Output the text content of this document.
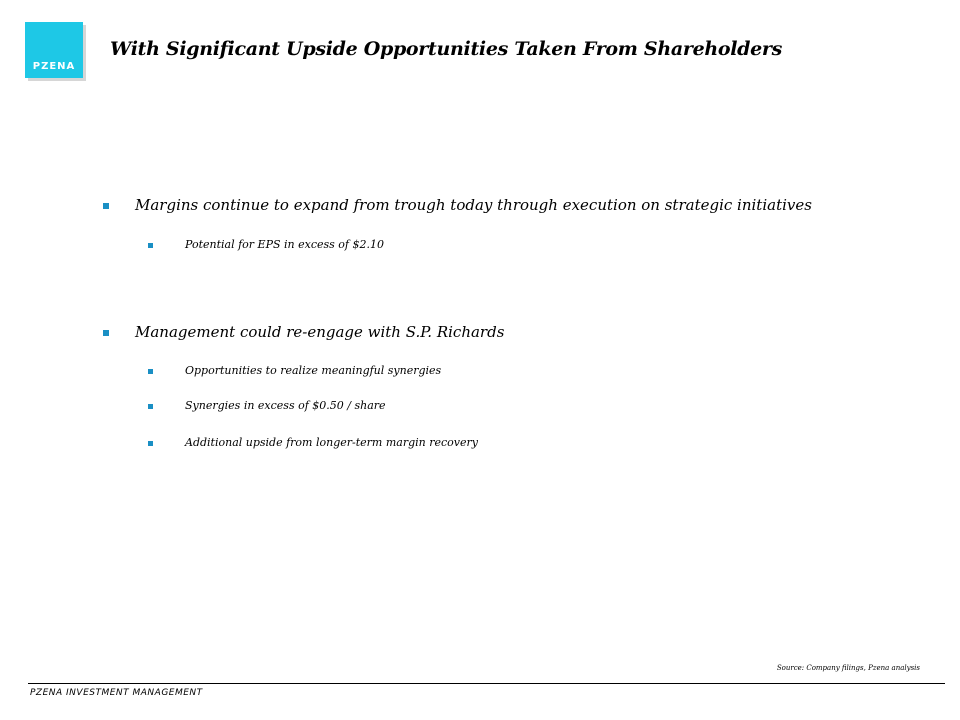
PZENA
With Significant Upside Opportunities Taken From Shareholders
Margins continue to expand from trough today through execution on strategic initiatives
Potential for EPS in excess of $2.10
Management could re-engage with S.P. Richards
Opportunities to realize meaningful synergies
Synergies in excess of $0.50 / share
Additional upside from longer-term margin recovery
Source: Company filings, Pzena analysis
PZENA INVESTMENT MANAGEMENT
